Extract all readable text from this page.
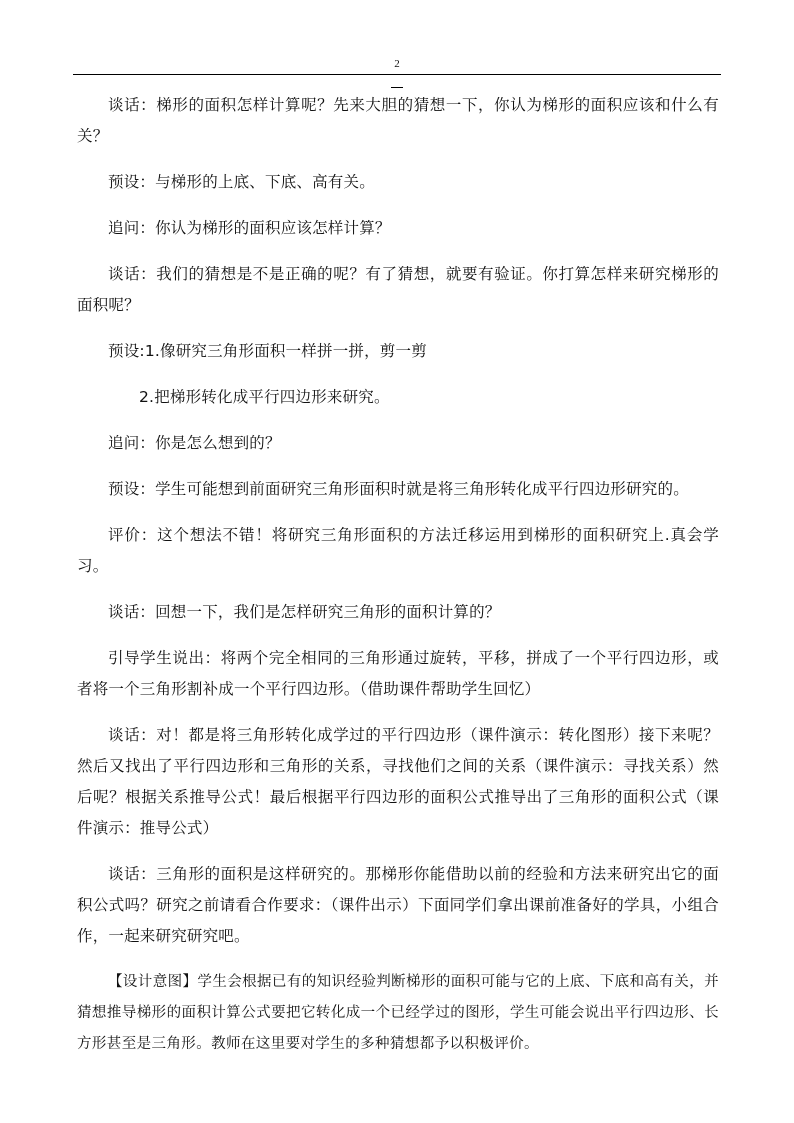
2

谈话：梯形的面积怎样计算呢？先来大胆的猜想一下，你认为梯形的面积应该和什么有关？

预设：与梯形的上底、下底、高有关。

追问：你认为梯形的面积应该怎样计算？

谈话：我们的猜想是不是正确的呢？有了猜想，就要有验证。你打算怎样来研究梯形的面积呢？

预设:1.像研究三角形面积一样拼一拼，剪一剪

2.把梯形转化成平行四边形来研究。

追问：你是怎么想到的？

预设：学生可能想到前面研究三角形面积时就是将三角形转化成平行四边形研究的。

评价：这个想法不错！将研究三角形面积的方法迁移运用到梯形的面积研究上.真会学习。

谈话：回想一下，我们是怎样研究三角形的面积计算的？

引导学生说出：将两个完全相同的三角形通过旋转，平移，拼成了一个平行四边形，或者将一个三角形割补成一个平行四边形。（借助课件帮助学生回忆）

谈话：对！都是将三角形转化成学过的平行四边形（课件演示：转化图形）接下来呢？然后又找出了平行四边形和三角形的关系，寻找他们之间的关系（课件演示：寻找关系）然后呢？根据关系推导公式！最后根据平行四边形的面积公式推导出了三角形的面积公式（课件演示：推导公式）

谈话：三角形的面积是这样研究的。那梯形你能借助以前的经验和方法来研究出它的面积公式吗？研究之前请看合作要求：（课件出示）下面同学们拿出课前准备好的学具，小组合作，一起来研究研究吧。

【设计意图】学生会根据已有的知识经验判断梯形的面积可能与它的上底、下底和高有关，并猜想推导梯形的面积计算公式要把它转化成一个已经学过的图形，学生可能会说出平行四边形、长方形甚至是三角形。教师在这里要对学生的多种猜想都予以积极评价。
